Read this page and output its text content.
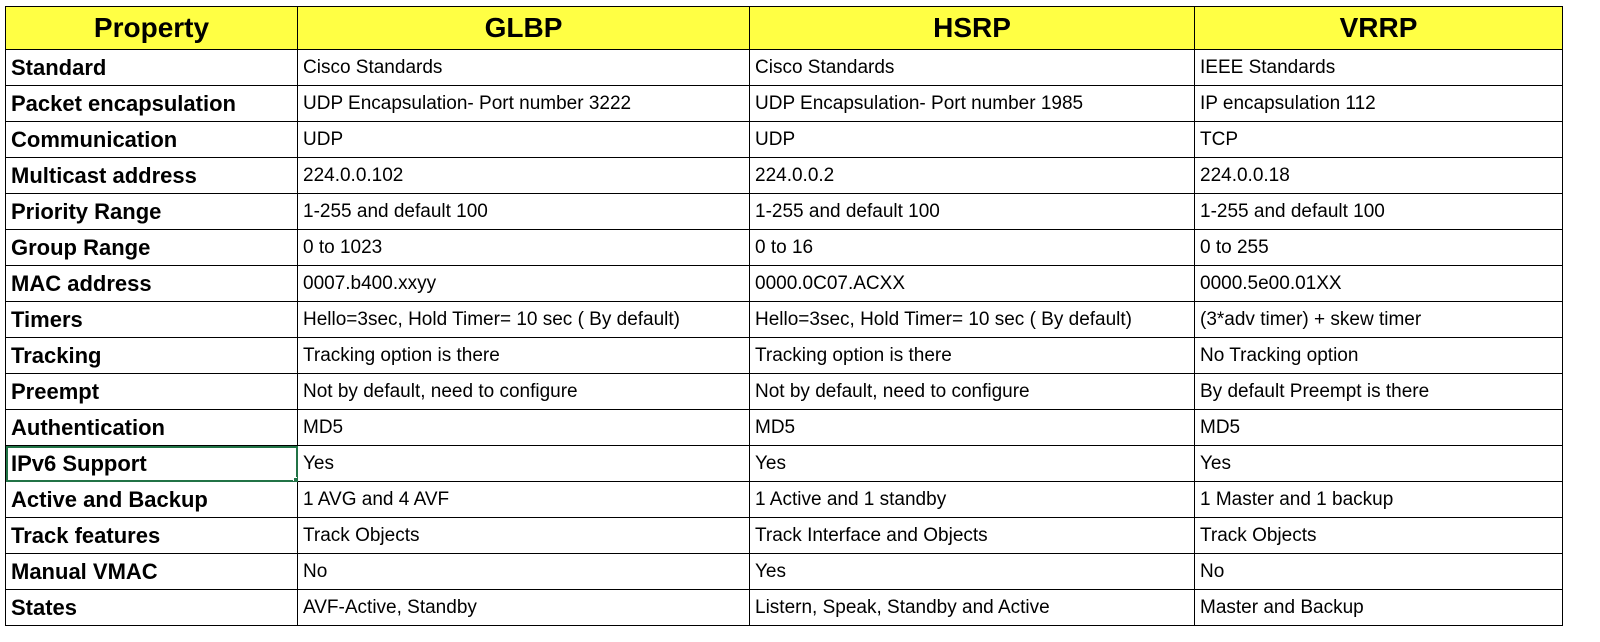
Property	GLBP	HSRP	VRRP
Standard	Cisco Standards	Cisco Standards	IEEE Standards
Packet encapsulation	UDP Encapsulation- Port number 3222	UDP Encapsulation- Port number 1985	IP encapsulation 112
Communication	UDP	UDP	TCP
Multicast address	224.0.0.102	224.0.0.2	224.0.0.18
Priority Range	1-255 and default 100	1-255 and default 100	1-255 and default 100
Group Range	0 to 1023	0 to 16	0 to 255
MAC address	0007.b400.xxyy	0000.0C07.ACXX	0000.5e00.01XX
Timers	Hello=3sec, Hold Timer= 10 sec ( By default)	Hello=3sec, Hold Timer= 10 sec ( By default)	(3*adv timer) + skew timer
Tracking	Tracking option is there	Tracking option is there	No Tracking option
Preempt	Not by default, need to configure	Not by default, need to configure	By default Preempt is there
Authentication	MD5	MD5	MD5
IPv6 Support	Yes	Yes	Yes
Active and Backup	1 AVG and 4 AVF	1 Active and 1 standby	1 Master and 1 backup
Track features	Track Objects	Track Interface and Objects	Track Objects
Manual VMAC	No	Yes	No
States	AVF-Active, Standby	Listern, Speak, Standby and Active	Master and Backup
